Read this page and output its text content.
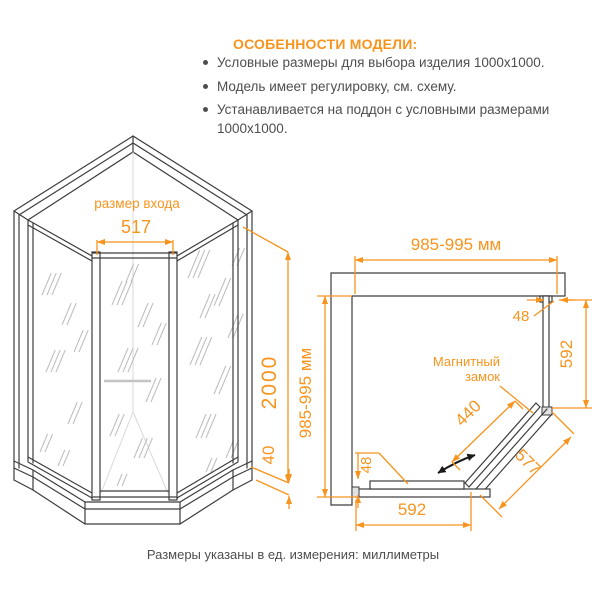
ОСОБЕННОСТИ МОДЕЛИ:
Условные размеры для выбора изделия 1000x1000.
Модель имеет регулировку, см. схему.
Устанавливается на поддон с условными размерами 1000x1000.
размер входа
517
2000
40
985-995 мм
985-995 мм
48
592
440
577
592
48
Магнитный замок
Размеры указаны в ед. измерения: миллиметры
